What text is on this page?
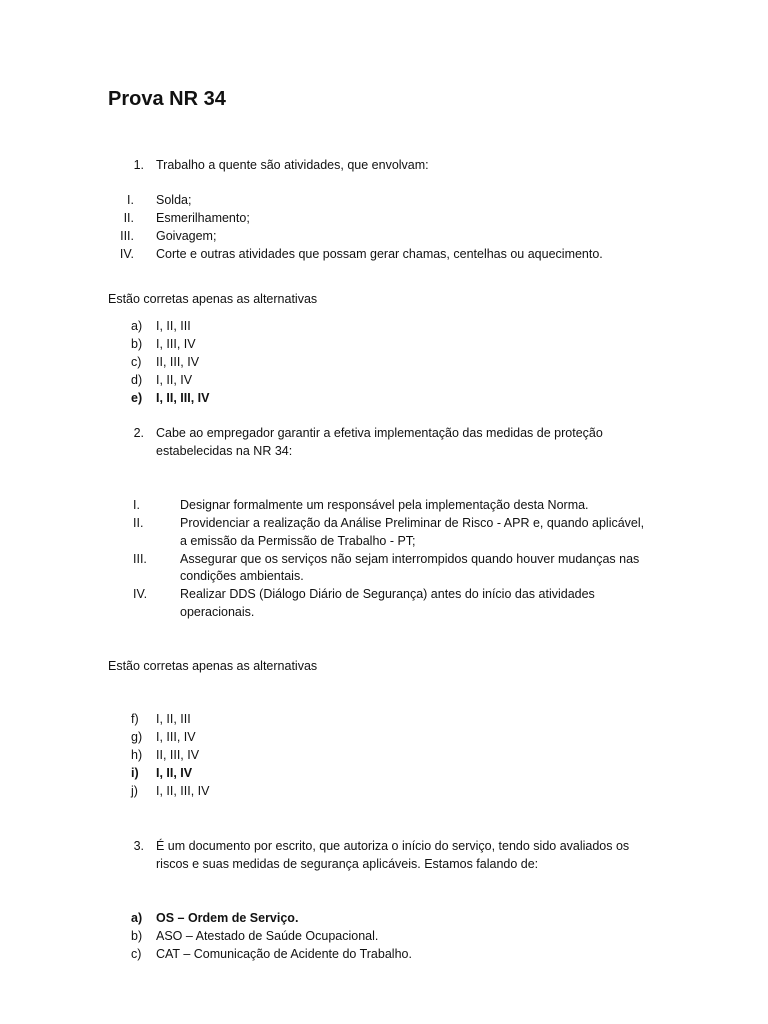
Prova NR 34
1. Trabalho a quente são atividades, que envolvam:
I. Solda;
II. Esmerilhamento;
III. Goivagem;
IV. Corte e outras atividades que possam gerar chamas, centelhas ou aquecimento.
Estão corretas apenas as alternativas
a) I, II, III
b) I, III, IV
c) II, III, IV
d) I, II, IV
e) I, II, III, IV
2. Cabe ao empregador garantir a efetiva implementação das medidas de proteção
estabelecidas na NR 34:
I.	Designar formalmente um responsável pela implementação desta Norma.
II.	Providenciar a realização da Análise Preliminar de Risco - APR e, quando aplicável,
a emissão da Permissão de Trabalho - PT;
III.	Assegurar que os serviços não sejam interrompidos quando houver mudanças nas
condições ambientais.
IV.	Realizar DDS (Diálogo Diário de Segurança) antes do início das atividades
operacionais.
Estão corretas apenas as alternativas
f) I, II, III
g) I, III, IV
h) II, III, IV
i) I, II, IV
j) I, II, III, IV
3. É um documento por escrito, que autoriza o início do serviço, tendo sido avaliados os
riscos e suas medidas de segurança aplicáveis. Estamos falando de:
a) OS – Ordem de Serviço.
b) ASO – Atestado de Saúde Ocupacional.
c) CAT – Comunicação de Acidente do Trabalho.
